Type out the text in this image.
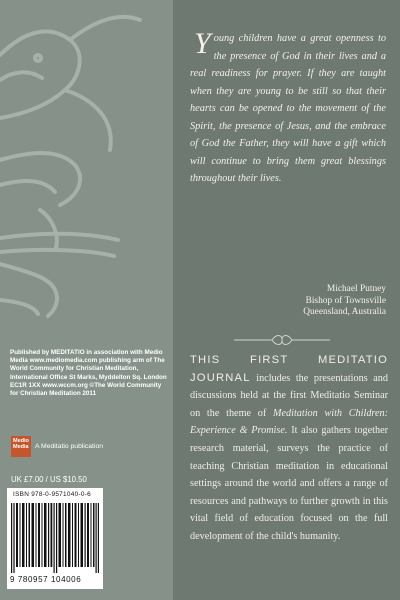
Published by MEDITATIO in association with Medio Media www.mediomedia.com publishing arm of The World Community for Christian Meditation, International Office St Marks, Myddelton Sq. London EC1R 1XX www.wccm.org ©The World Community for Christian Meditation 2011

Medio Media A Meditatio publication
UK £7.00 / US $10.50
ISBN 978-0-9571040-0-6
9 780957 104006

Young children have a great openness to the presence of God in their lives and a real readiness for prayer. If they are taught when they are young to be still so that their hearts can be opened to the movement of the Spirit, the presence of Jesus, and the embrace of God the Father, they will have a gift which will continue to bring them great blessings throughout their lives.

Michael Putney
Bishop of Townsville
Queensland, Australia

THIS FIRST MEDITATIO JOURNAL includes the presentations and discussions held at the first Meditatio Seminar on the theme of Meditation with Children: Experience & Promise. It also gathers together research material, surveys the practice of teaching Christian meditation in educational settings around the world and offers a range of resources and pathways to further growth in this vital field of education focused on the full development of the child's humanity.
